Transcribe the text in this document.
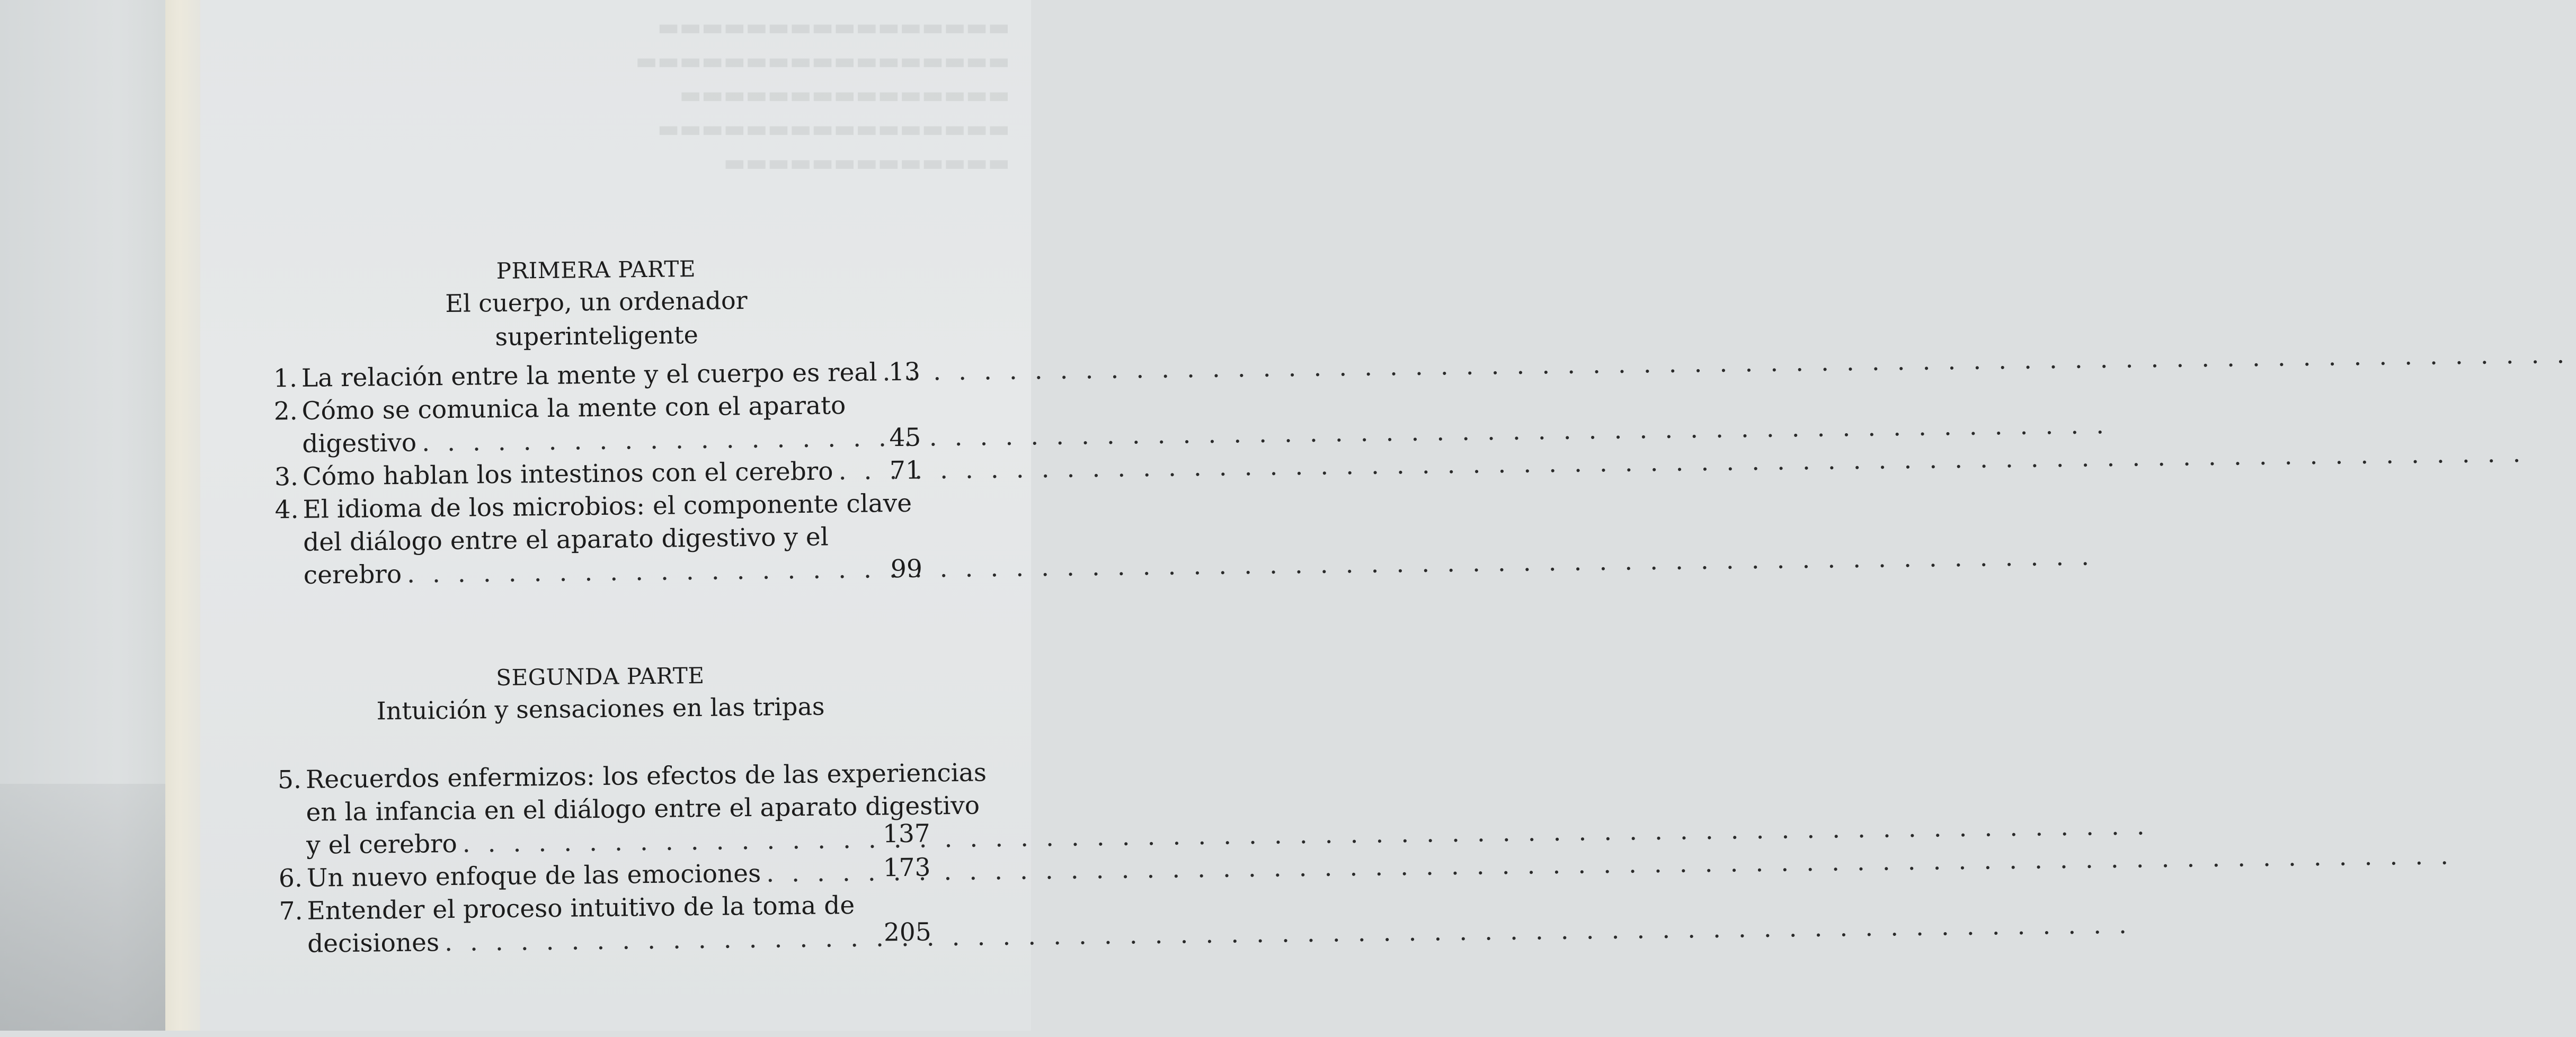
▬▬▬▬▬▬▬▬▬▬▬▬▬▬▬▬
▬▬▬▬▬▬▬▬▬▬▬▬▬▬▬▬▬
▬▬▬▬▬▬▬▬▬▬▬▬▬▬▬
▬▬▬▬▬▬▬▬▬▬▬▬▬▬▬▬
▬▬▬▬▬▬▬▬▬▬▬▬▬
PRIMERA PARTE
El cuerpo, un ordenador superinteligente
1. La relación entre la mente y el cuerpo es real . . . 13
2. Cómo se comunica la mente con el aparato
digestivo . . .	45
3. Cómo hablan los intestinos con el cerebro . . .	71
4. El idioma de los microbios: el componente clave
del diálogo entre el aparato digestivo y el
cerebro . . .	99
SEGUNDA PARTE
Intuición y sensaciones en las tripas
5. Recuerdos enfermizos: los efectos de las experiencias
en la infancia en el diálogo entre el aparato digestivo
y el cerebro . . .	137
6. Un nuevo enfoque de las emociones . . .	173
7. Entender el proceso intuitivo de la toma de
decisiones . . .	205
